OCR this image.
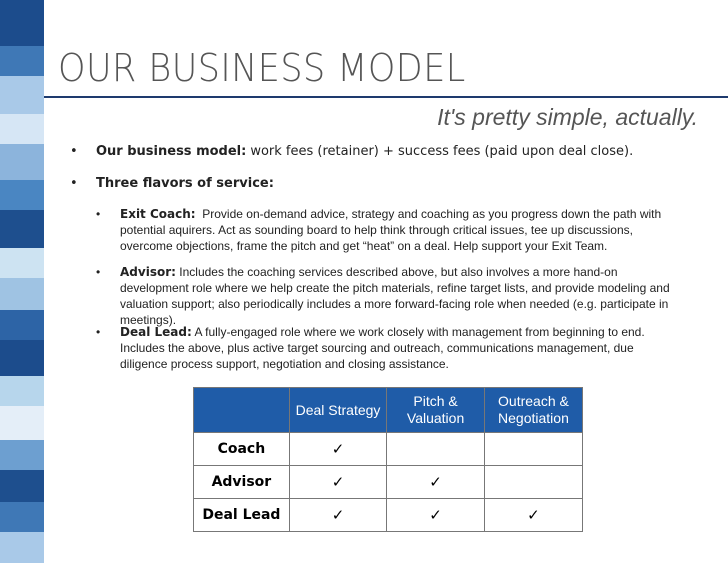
OUR BUSINESS MODEL
It's pretty simple, actually.
• Our business model: work fees (retainer) + success fees (paid upon deal close).
• Three flavors of service:
• Exit Coach: Provide on-demand advice, strategy and coaching as you progress down the path with potential aquirers. Act as sounding board to help think through critical issues, tee up discussions, overcome objections, frame the pitch and get “heat” on a deal. Help support your Exit Team.
• Advisor: Includes the coaching services described above, but also involves a more hand-on development role where we help create the pitch materials, refine target lists, and provide modeling and valuation support; also periodically includes a more forward-facing role when needed (e.g. participate in meetings).
• Deal Lead: A fully-engaged role where we work closely with management from beginning to end. Includes the above, plus active target sourcing and outreach, communications management, due diligence process support, negotiation and closing assistance.
	Deal Strategy	Pitch & Valuation	Outreach & Negotiation
Coach	✓		
Advisor	✓	✓	
Deal Lead	✓	✓	✓
